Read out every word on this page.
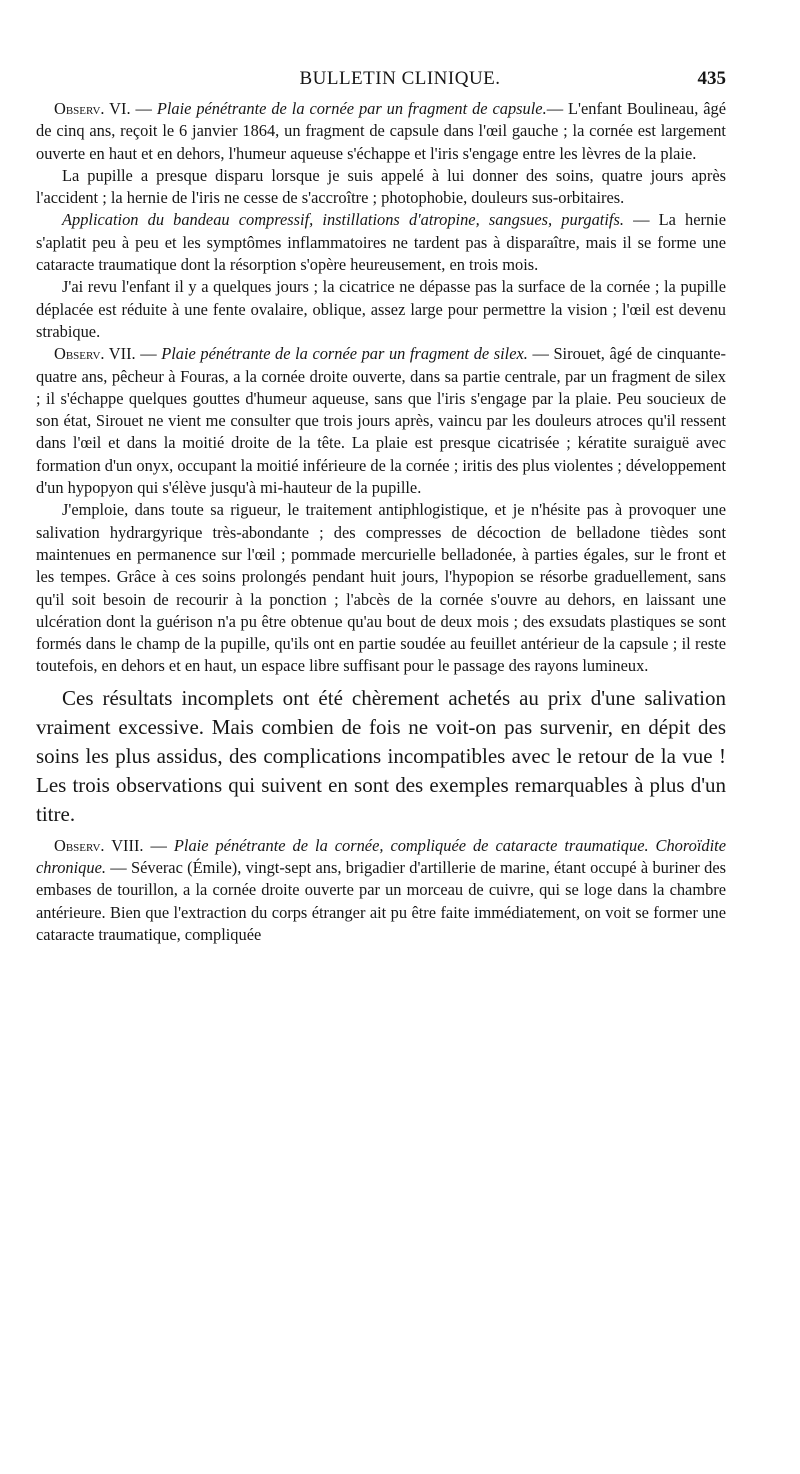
BULLETIN CLINIQUE.	435

Observ. VI. — Plaie pénétrante de la cornée par un fragment de capsule.— L'enfant Boulineau, âgé de cinq ans, reçoit le 6 janvier 1864, un fragment de capsule dans l'œil gauche ; la cornée est largement ouverte en haut et en dehors, l'humeur aqueuse s'échappe et l'iris s'engage entre les lèvres de la plaie.

La pupille a presque disparu lorsque je suis appelé à lui donner des soins, quatre jours après l'accident ; la hernie de l'iris ne cesse de s'accroître ; photophobie, douleurs sus-orbitaires.

Application du bandeau compressif, instillations d'atropine, sangsues, purgatifs. — La hernie s'aplatit peu à peu et les symptômes inflammatoires ne tardent pas à disparaître, mais il se forme une cataracte traumatique dont la résorption s'opère heureusement, en trois mois.

J'ai revu l'enfant il y a quelques jours ; la cicatrice ne dépasse pas la surface de la cornée ; la pupille déplacée est réduite à une fente ovalaire, oblique, assez large pour permettre la vision ; l'œil est devenu strabique.

Observ. VII. — Plaie pénétrante de la cornée par un fragment de silex. — Sirouet, âgé de cinquante-quatre ans, pêcheur à Fouras, a la cornée droite ouverte, dans sa partie centrale, par un fragment de silex ; il s'échappe quelques gouttes d'humeur aqueuse, sans que l'iris s'engage par la plaie. Peu soucieux de son état, Sirouet ne vient me consulter que trois jours après, vaincu par les douleurs atroces qu'il ressent dans l'œil et dans la moitié droite de la tête. La plaie est presque cicatrisée ; kératite suraiguë avec formation d'un onyx, occupant la moitié inférieure de la cornée ; iritis des plus violentes ; développement d'un hypopyon qui s'élève jusqu'à mi-hauteur de la pupille.

J'emploie, dans toute sa rigueur, le traitement antiphlogistique, et je n'hésite pas à provoquer une salivation hydrargyrique très-abondante ; des compresses de décoction de belladone tièdes sont maintenues en permanence sur l'œil ; pommade mercurielle belladonée, à parties égales, sur le front et les tempes. Grâce à ces soins prolongés pendant huit jours, l'hypopion se résorbe graduellement, sans qu'il soit besoin de recourir à la ponction ; l'abcès de la cornée s'ouvre au dehors, en laissant une ulcération dont la guérison n'a pu être obtenue qu'au bout de deux mois ; des exsudats plastiques se sont formés dans le champ de la pupille, qu'ils ont en partie soudée au feuillet antérieur de la capsule ; il reste toutefois, en dehors et en haut, un espace libre suffisant pour le passage des rayons lumineux.

Ces résultats incomplets ont été chèrement achetés au prix d'une salivation vraiment excessive. Mais combien de fois ne voit-on pas survenir, en dépit des soins les plus assidus, des complications incompatibles avec le retour de la vue ! Les trois observations qui suivent en sont des exemples remarquables à plus d'un titre.

Observ. VIII. — Plaie pénétrante de la cornée, compliquée de cataracte traumatique. Choroïdite chronique. — Séverac (Émile), vingt-sept ans, brigadier d'artillerie de marine, étant occupé à buriner des embases de tourillon, a la cornée droite ouverte par un morceau de cuivre, qui se loge dans la chambre antérieure. Bien que l'extraction du corps étranger ait pu être faite immédiatement, on voit se former une cataracte traumatique, compliquée
